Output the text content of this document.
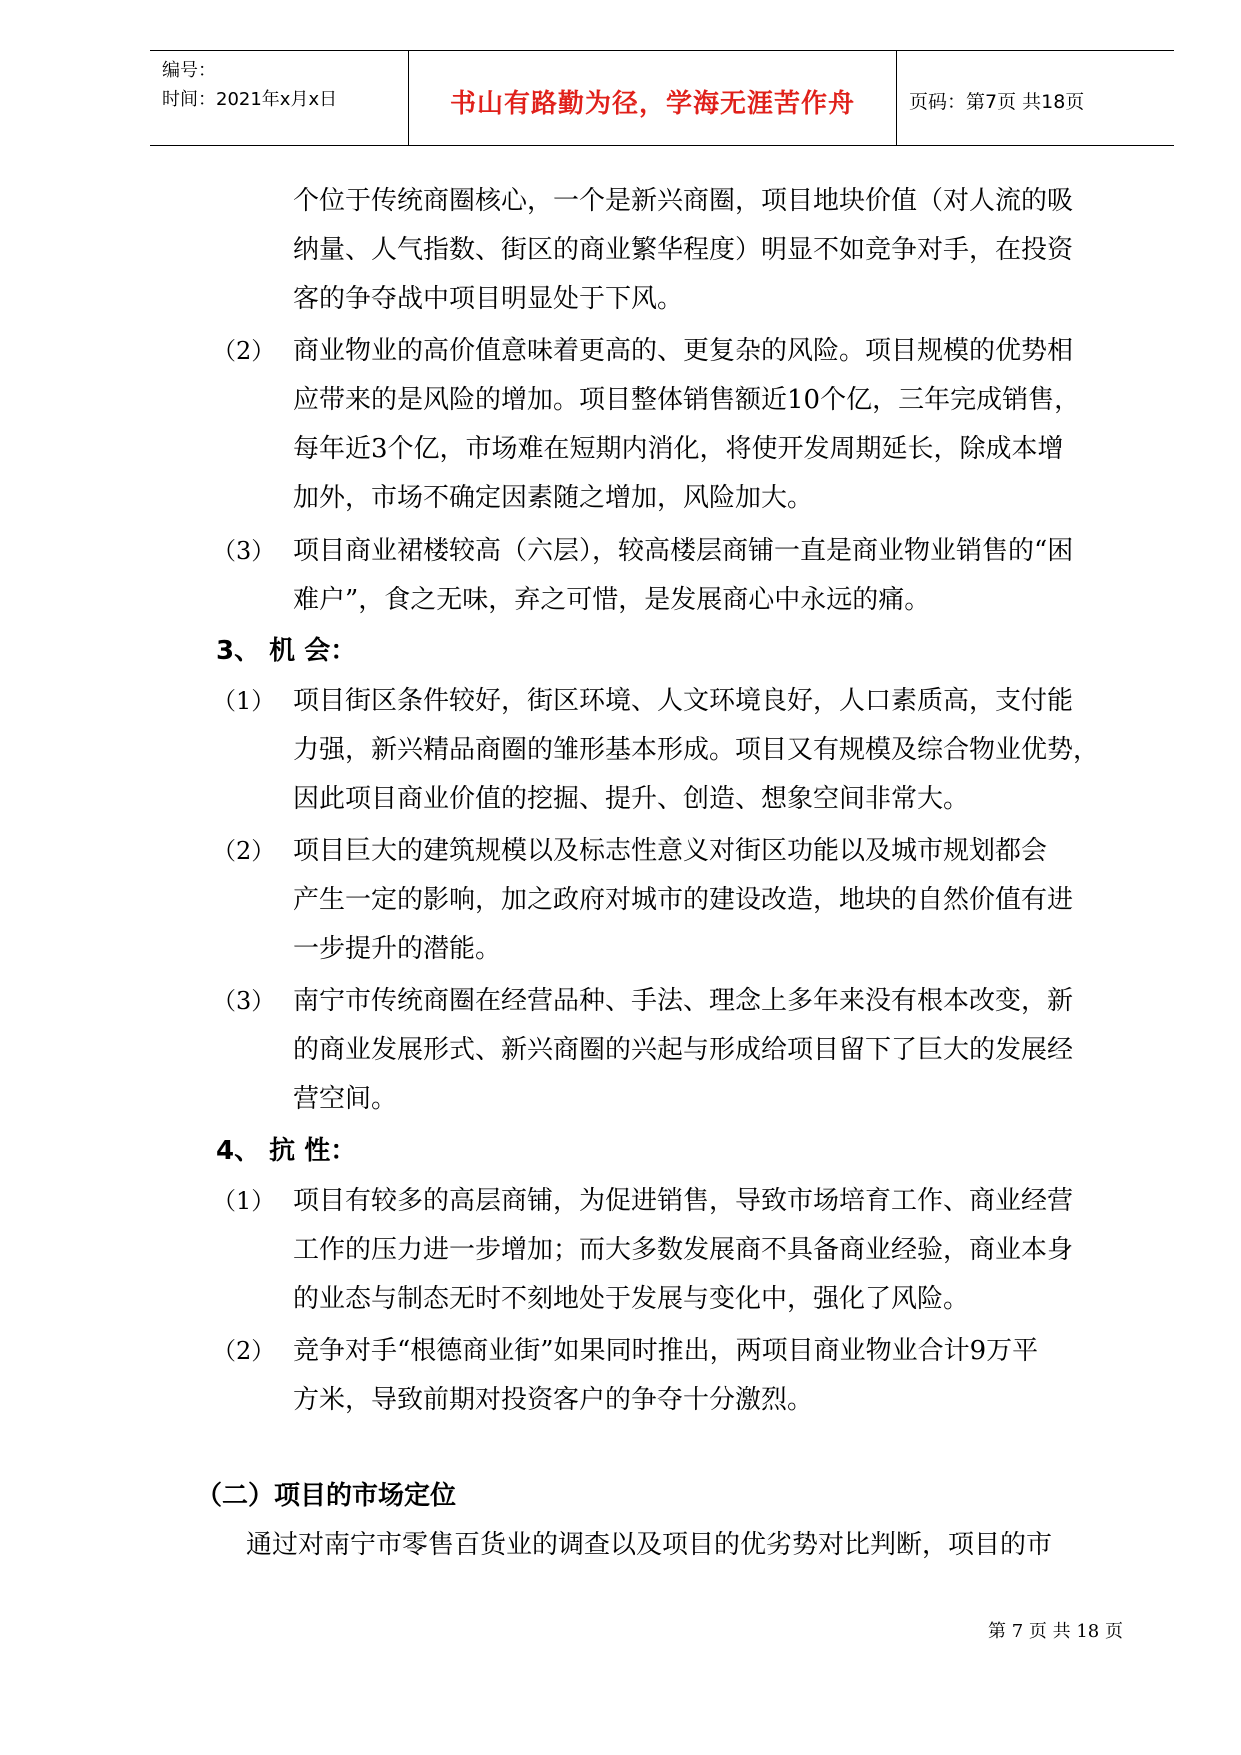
编号：
时间：2021年x月x日	书山有路勤为径，学海无涯苦作舟	页码：第7页 共18页
个位于传统商圈核心，一个是新兴商圈，项目地块价值（对人流的吸
纳量、人气指数、街区的商业繁华程度）明显不如竞争对手，在投资
客的争夺战中项目明显处于下风。
（2） 商业物业的高价值意味着更高的、更复杂的风险。项目规模的优势相
应带来的是风险的增加。项目整体销售额近10个亿，三年完成销售，
每年近3个亿，市场难在短期内消化，将使开发周期延长，除成本增
加外，市场不确定因素随之增加，风险加大。
（3） 项目商业裙楼较高（六层），较高楼层商铺一直是商业物业销售的“困
难户”，食之无味，弃之可惜，是发展商心中永远的痛。
3、 机 会：
（1） 项目街区条件较好，街区环境、人文环境良好，人口素质高，支付能
力强，新兴精品商圈的雏形基本形成。项目又有规模及综合物业优势，
因此项目商业价值的挖掘、提升、创造、想象空间非常大。
（2） 项目巨大的建筑规模以及标志性意义对街区功能以及城市规划都会
产生一定的影响，加之政府对城市的建设改造，地块的自然价值有进
一步提升的潜能。
（3） 南宁市传统商圈在经营品种、手法、理念上多年来没有根本改变，新
的商业发展形式、新兴商圈的兴起与形成给项目留下了巨大的发展经
营空间。
4、 抗 性：
（1） 项目有较多的高层商铺，为促进销售，导致市场培育工作、商业经营
工作的压力进一步增加；而大多数发展商不具备商业经验，商业本身
的业态与制态无时不刻地处于发展与变化中，强化了风险。
（2） 竞争对手“根德商业街”如果同时推出，两项目商业物业合计9万平
方米，导致前期对投资客户的争夺十分激烈。
（二）项目的市场定位
通过对南宁市零售百货业的调查以及项目的优劣势对比判断，项目的市
第 7 页 共 18 页
